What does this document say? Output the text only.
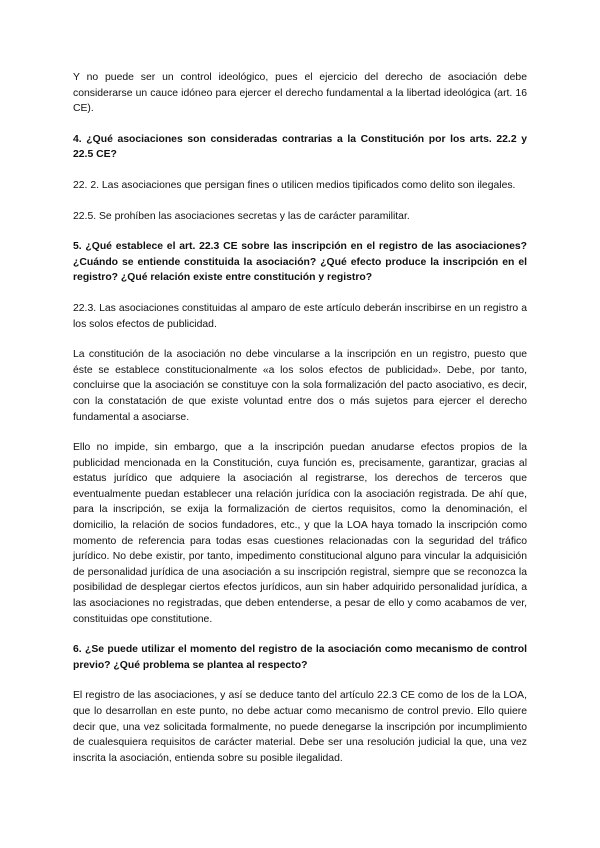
Y no puede ser un control ideológico, pues el ejercicio del derecho de asociación debe considerarse un cauce idóneo para ejercer el derecho fundamental a la libertad ideológica (art. 16 CE).

4. ¿Qué asociaciones son consideradas contrarias a la Constitución por los arts. 22.2 y 22.5 CE?

22. 2. Las asociaciones que persigan fines o utilicen medios tipificados como delito son ilegales.

22.5. Se prohíben las asociaciones secretas y las de carácter paramilitar.

5. ¿Qué establece el art. 22.3 CE sobre las inscripción en el registro de las asociaciones? ¿Cuándo se entiende constituida la asociación? ¿Qué efecto produce la inscripción en el registro? ¿Qué relación existe entre constitución y registro?

22.3. Las asociaciones constituidas al amparo de este artículo deberán inscribirse en un registro a los solos efectos de publicidad.

La constitución de la asociación no debe vincularse a la inscripción en un registro, puesto que éste se establece constitucionalmente «a los solos efectos de publicidad». Debe, por tanto, concluirse que la asociación se constituye con la sola formalización del pacto asociativo, es decir, con la constatación de que existe voluntad entre dos o más sujetos para ejercer el derecho fundamental a asociarse.

Ello no impide, sin embargo, que a la inscripción puedan anudarse efectos propios de la publicidad mencionada en la Constitución, cuya función es, precisamente, garantizar, gracias al estatus jurídico que adquiere la asociación al registrarse, los derechos de terceros que eventualmente puedan establecer una relación jurídica con la asociación registrada. De ahí que, para la inscripción, se exija la formalización de ciertos requisitos, como la denominación, el domicilio, la relación de socios fundadores, etc., y que la LOA haya tomado la inscripción como momento de referencia para todas esas cuestiones relacionadas con la seguridad del tráfico jurídico. No debe existir, por tanto, impedimento constitucional alguno para vincular la adquisición de personalidad jurídica de una asociación a su inscripción registral, siempre que se reconozca la posibilidad de desplegar ciertos efectos jurídicos, aun sin haber adquirido personalidad jurídica, a las asociaciones no registradas, que deben entenderse, a pesar de ello y como acabamos de ver, constituidas ope constitutione.

6. ¿Se puede utilizar el momento del registro de la asociación como mecanismo de control previo? ¿Qué problema se plantea al respecto?

El registro de las asociaciones, y así se deduce tanto del artículo 22.3 CE como de los de la LOA, que lo desarrollan en este punto, no debe actuar como mecanismo de control previo. Ello quiere decir que, una vez solicitada formalmente, no puede denegarse la inscripción por incumplimiento de cualesquiera requisitos de carácter material. Debe ser una resolución judicial la que, una vez inscrita la asociación, entienda sobre su posible ilegalidad.
